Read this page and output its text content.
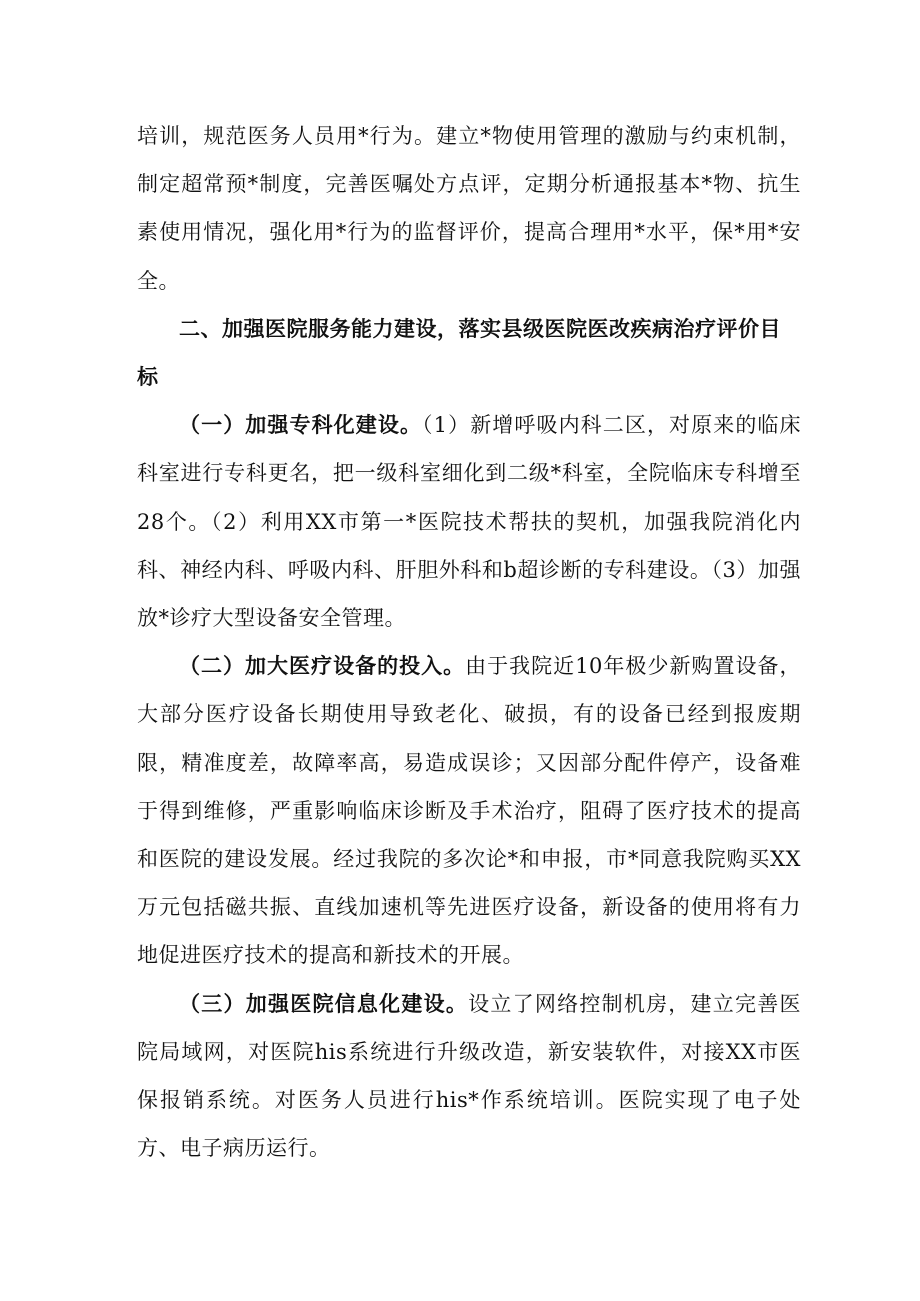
培训，规范医务人员用*行为。建立*物使用管理的激励与约束机制，制定超常预*制度，完善医嘱处方点评，定期分析通报基本*物、抗生素使用情况，强化用*行为的监督评价，提高合理用*水平，保*用*安全。

二、加强医院服务能力建设，落实县级医院医改疾病治疗评价目标

（一）加强专科化建设。（1）新增呼吸内科二区，对原来的临床科室进行专科更名，把一级科室细化到二级*科室，全院临床专科增至28个。（2）利用XX市第一*医院技术帮扶的契机，加强我院消化内科、神经内科、呼吸内科、肝胆外科和b超诊断的专科建设。（3）加强放*诊疗大型设备安全管理。

（二）加大医疗设备的投入。由于我院近10年极少新购置设备，大部分医疗设备长期使用导致老化、破损，有的设备已经到报废期限，精准度差，故障率高，易造成误诊；又因部分配件停产，设备难于得到维修，严重影响临床诊断及手术治疗，阻碍了医疗技术的提高和医院的建设发展。经过我院的多次论*和申报，市*同意我院购买XX万元包括磁共振、直线加速机等先进医疗设备，新设备的使用将有力地促进医疗技术的提高和新技术的开展。

（三）加强医院信息化建设。设立了网络控制机房，建立完善医院局域网，对医院his系统进行升级改造，新安装软件，对接XX市医保报销系统。对医务人员进行his*作系统培训。医院实现了电子处方、电子病历运行。
